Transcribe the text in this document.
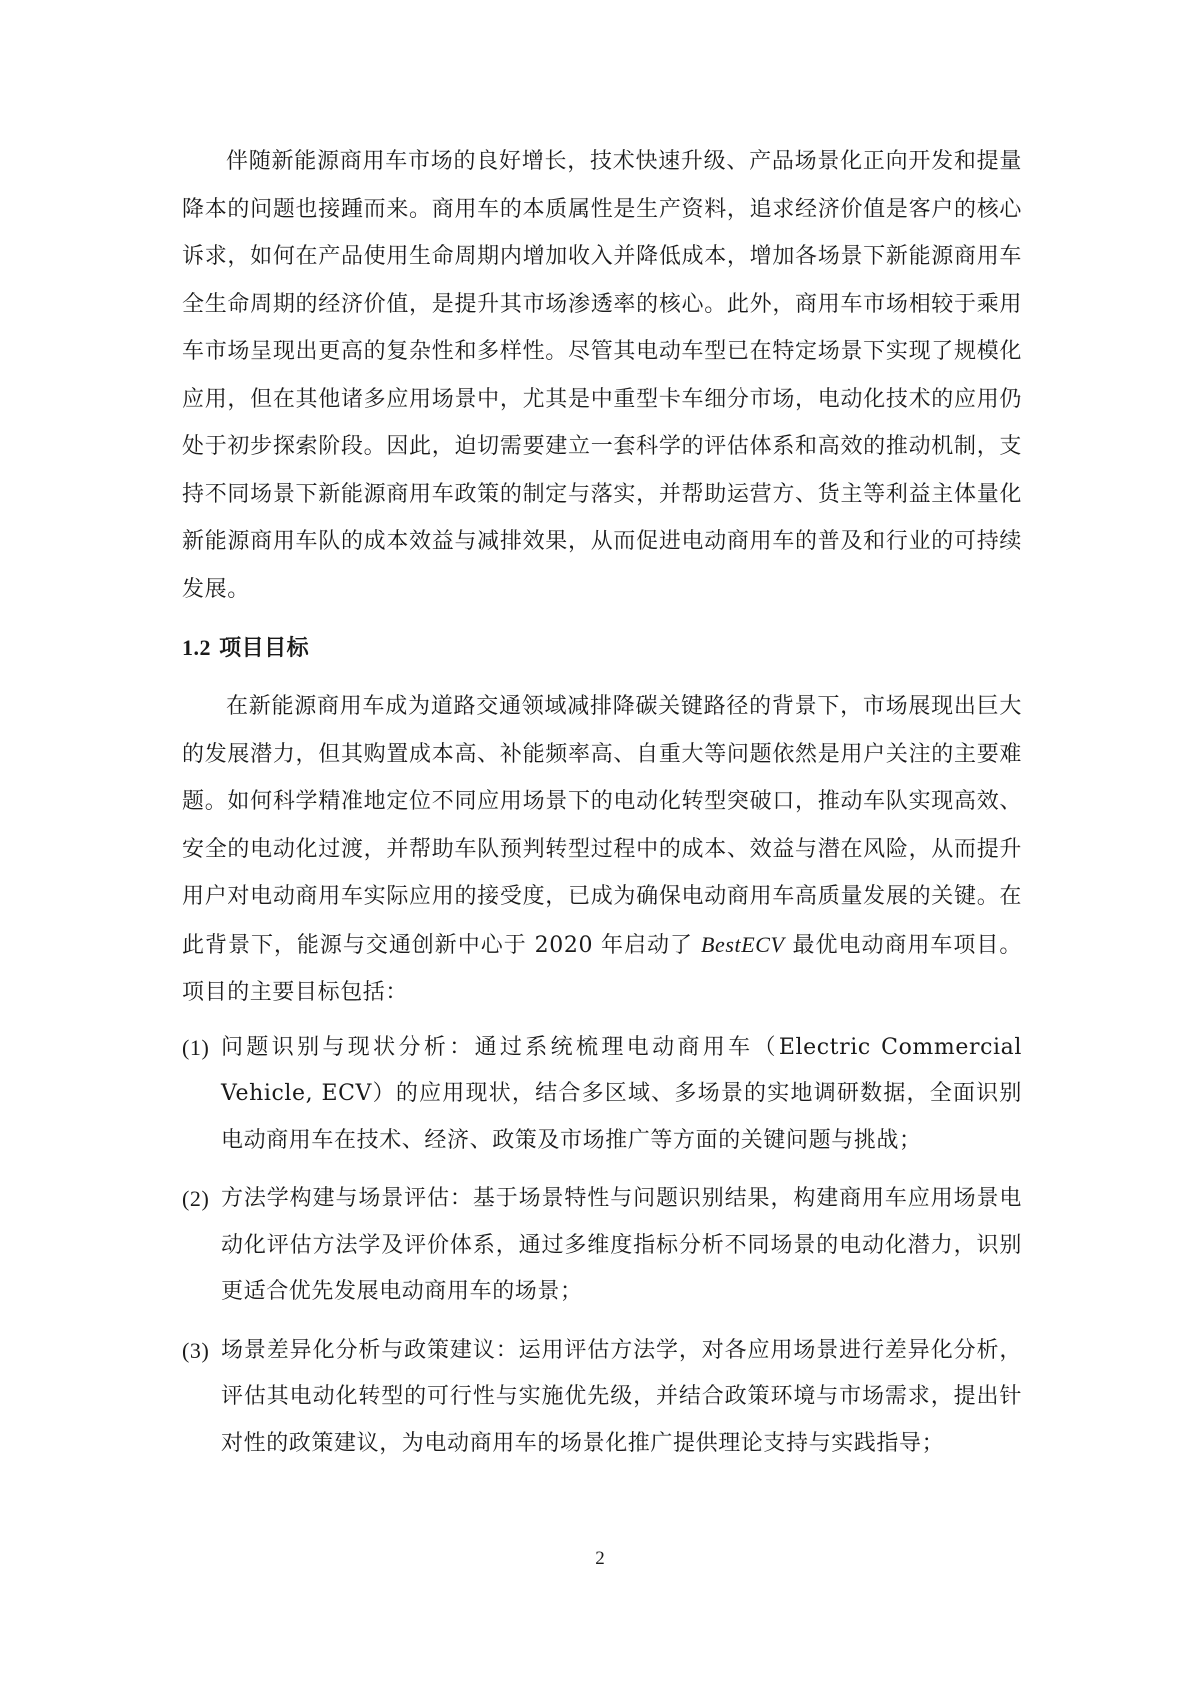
伴随新能源商用车市场的良好增长，技术快速升级、产品场景化正向开发和提量降本的问题也接踵而来。商用车的本质属性是生产资料，追求经济价值是客户的核心诉求，如何在产品使用生命周期内增加收入并降低成本，增加各场景下新能源商用车全生命周期的经济价值，是提升其市场渗透率的核心。此外，商用车市场相较于乘用车市场呈现出更高的复杂性和多样性。尽管其电动车型已在特定场景下实现了规模化应用，但在其他诸多应用场景中，尤其是中重型卡车细分市场，电动化技术的应用仍处于初步探索阶段。因此，迫切需要建立一套科学的评估体系和高效的推动机制，支持不同场景下新能源商用车政策的制定与落实，并帮助运营方、货主等利益主体量化新能源商用车队的成本效益与减排效果，从而促进电动商用车的普及和行业的可持续发展。

1.2 项目目标

在新能源商用车成为道路交通领域减排降碳关键路径的背景下，市场展现出巨大的发展潜力，但其购置成本高、补能频率高、自重大等问题依然是用户关注的主要难题。如何科学精准地定位不同应用场景下的电动化转型突破口，推动车队实现高效、安全的电动化过渡，并帮助车队预判转型过程中的成本、效益与潜在风险，从而提升用户对电动商用车实际应用的接受度，已成为确保电动商用车高质量发展的关键。在此背景下，能源与交通创新中心于 2020 年启动了 BestECV 最优电动商用车项目。项目的主要目标包括：

(1) 问题识别与现状分析：通过系统梳理电动商用车（Electric Commercial Vehicle, ECV）的应用现状，结合多区域、多场景的实地调研数据，全面识别电动商用车在技术、经济、政策及市场推广等方面的关键问题与挑战；
(2) 方法学构建与场景评估：基于场景特性与问题识别结果，构建商用车应用场景电动化评估方法学及评价体系，通过多维度指标分析不同场景的电动化潜力，识别更适合优先发展电动商用车的场景；
(3) 场景差异化分析与政策建议：运用评估方法学，对各应用场景进行差异化分析，评估其电动化转型的可行性与实施优先级，并结合政策环境与市场需求，提出针对性的政策建议，为电动商用车的场景化推广提供理论支持与实践指导；
2
